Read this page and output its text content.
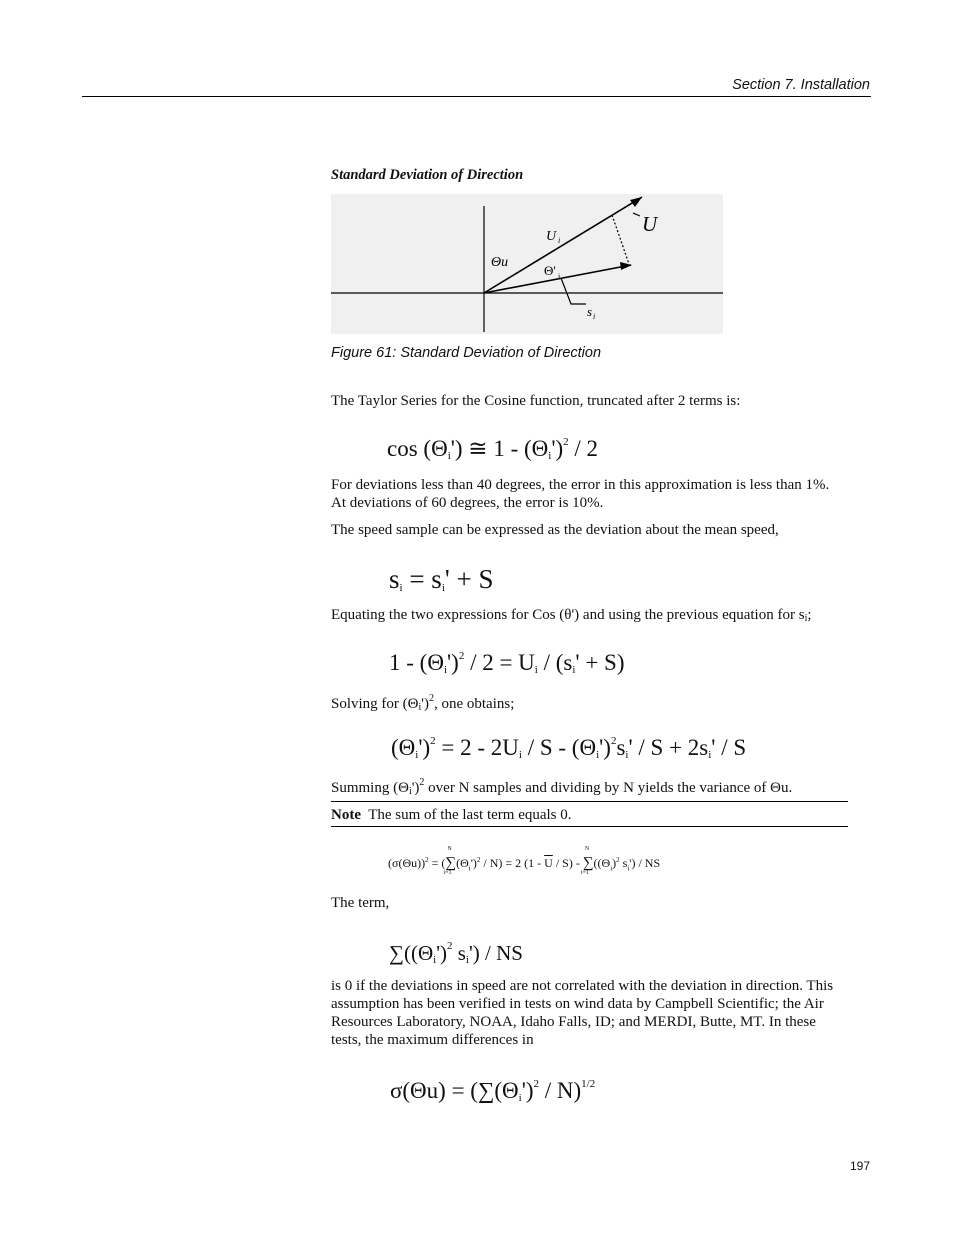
Section 7. Installation
Standard Deviation of Direction
U
U i
Θu
Θ' i
s i
Figure 61: Standard Deviation of Direction
The Taylor Series for the Cosine function, truncated after 2 terms is:
$\cos (\Theta_i')$ ≅ $1 - (\Theta_i')^2 / 2$
For deviations less than 40 degrees, the error in this approximation is less than 1%. At deviations of 60 degrees, the error is 10%.
The speed sample can be expressed as the deviation about the mean speed,
$s_i = s_i' + S$
Equating the two expressions for Cos (θ') and using the previous equation for si;
$1 - (\Theta_i')^2 / 2 = U_i / (s_i' + S)$
Solving for $(\Theta i')^2$, one obtains;
$(\Theta_i')^2 = 2 - 2U_i / S - (\Theta_i')^2s_i' / S + 2s_i' / S$
Summing $(\Theta i')^2$ over N samples and dividing by N yields the variance of Θu.
Note The sum of the last term equals 0.
$(\sigma(\Theta u))^2$ = (∑
N
i=1
$(\Theta_i')^2 / N) = 2$ $(1 - \overline{U} / S)$ - ∑
N
i=1
($(\Theta_i)^2$ $s_i'$) / NS
The term,
$\sum((\Theta_i')^2$ $s_i'$) / NS
is 0 if the deviations in speed are not correlated with the deviation in direction. This assumption has been verified in tests on wind data by Campbell Scientific; the Air Resources Laboratory, NOAA, Idaho Falls, ID; and MERDI, Butte, MT. In these tests, the maximum differences in
$\sigma(\Theta u) = (\sum(\Theta_i')^2 / N)^{1/2}$
197
